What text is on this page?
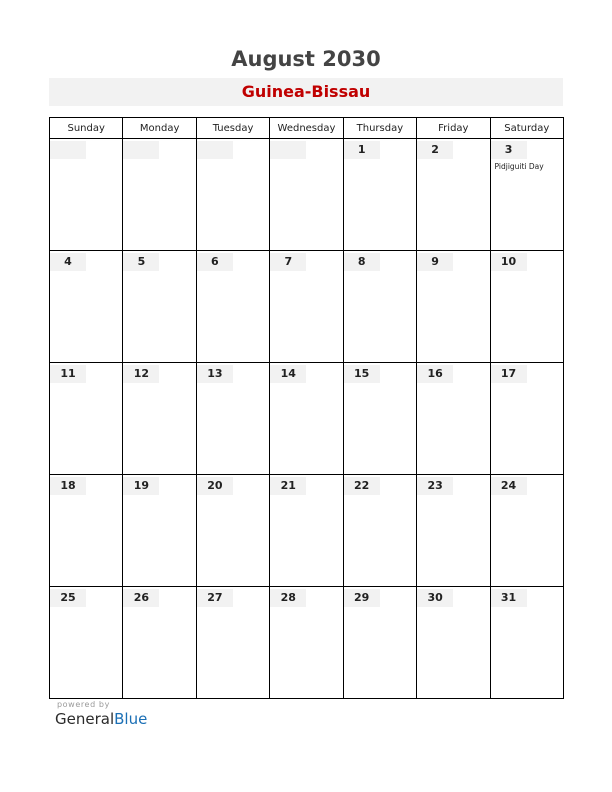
August 2030
Guinea-Bissau
Sunday	Monday	Tuesday	Wednesday	Thursday	Friday	Saturday

				1	2	3
Pidjiguiti Day

4	5	6	7	8	9	10

11	12	13	14	15	16	17

18	19	20	21	22	23	24

25	26	27	28	29	30	31
powered by
GeneralBlue
